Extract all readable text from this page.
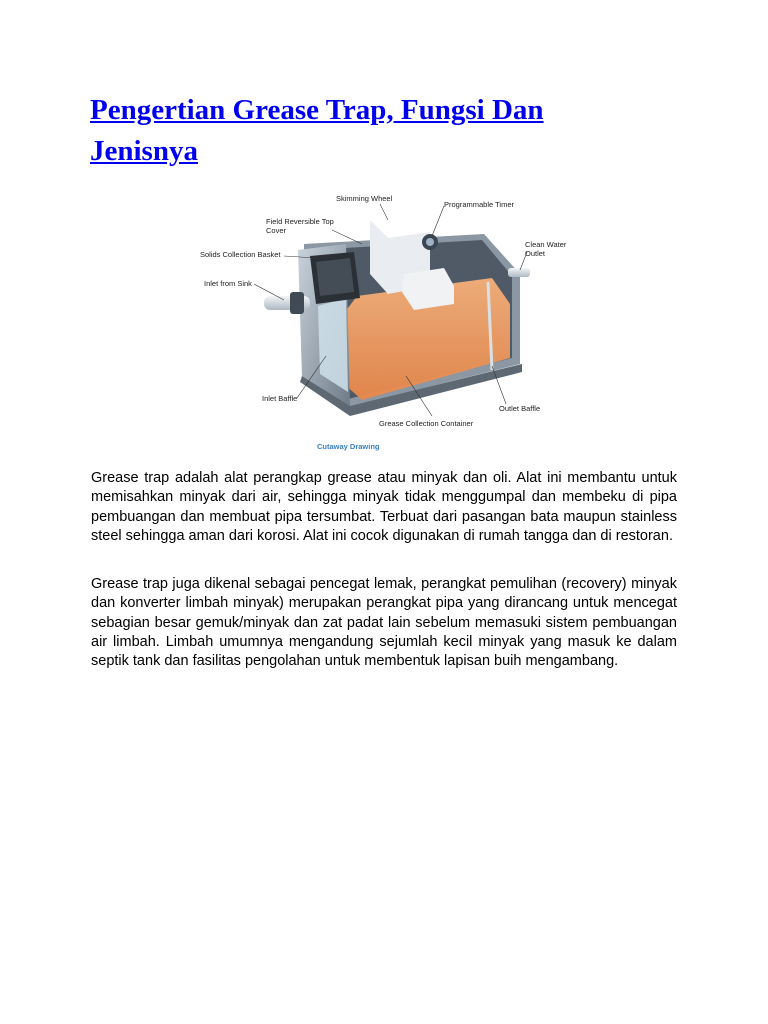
Pengertian Grease Trap, Fungsi Dan Jenisnya
Skimming Wheel
Programmable Timer
Field Reversible Top
Cover
Solids Collection Basket
Clean Water
Outlet
Inlet from Sink
Inlet Baffle
Outlet Baffle
Grease Collection Container
Cutaway Drawing

Grease trap adalah alat perangkap grease atau minyak dan oli. Alat ini membantu untuk memisahkan minyak dari air, sehingga minyak tidak menggumpal dan membeku di pipa pembuangan dan membuat pipa tersumbat. Terbuat dari pasangan bata maupun stainless steel sehingga aman dari korosi. Alat ini cocok digunakan di rumah tangga dan di restoran.

Grease trap juga dikenal sebagai pencegat lemak, perangkat pemulihan (recovery) minyak dan konverter limbah minyak) merupakan perangkat pipa yang dirancang untuk mencegat sebagian besar gemuk/minyak dan zat padat lain sebelum memasuki sistem pembuangan air limbah. Limbah umumnya mengandung sejumlah kecil minyak yang masuk ke dalam septik tank dan fasilitas pengolahan untuk membentuk lapisan buih mengambang.
